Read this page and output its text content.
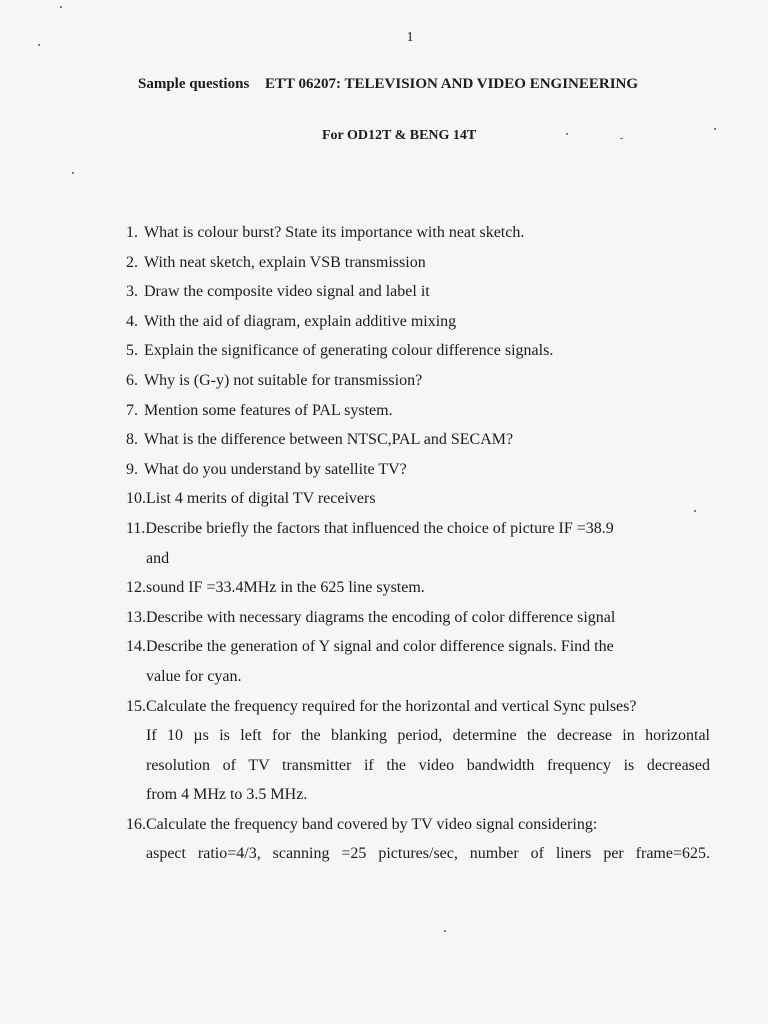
1
Sample questions ETT 06207: TELEVISION AND VIDEO ENGINEERING
For OD12T & BENG 14T
1. What is colour burst? State its importance with neat sketch.
2. With neat sketch, explain VSB transmission
3. Draw the composite video signal and label it
4. With the aid of diagram, explain additive mixing
5. Explain the significance of generating colour difference signals.
6. Why is (G-y) not suitable for transmission?
7. Mention some features of PAL system.
8. What is the difference between NTSC,PAL and SECAM?
9. What do you understand by satellite TV?
10.List 4 merits of digital TV receivers
11.Describe briefly the factors that influenced the choice of picture IF =38.9
and
12.sound IF =33.4MHz in the 625 line system.
13.Describe with necessary diagrams the encoding of color difference signal
14.Describe the generation of Y signal and color difference signals. Find the
value for cyan.
15.Calculate the frequency required for the horizontal and vertical Sync pulses?
If 10 µs is left for the blanking period, determine the decrease in horizontal
resolution of TV transmitter if the video bandwidth frequency is decreased
from 4 MHz to 3.5 MHz.
16.Calculate the frequency band covered by TV video signal considering:
aspect ratio=4/3, scanning =25 pictures/sec, number of liners per frame=625.
